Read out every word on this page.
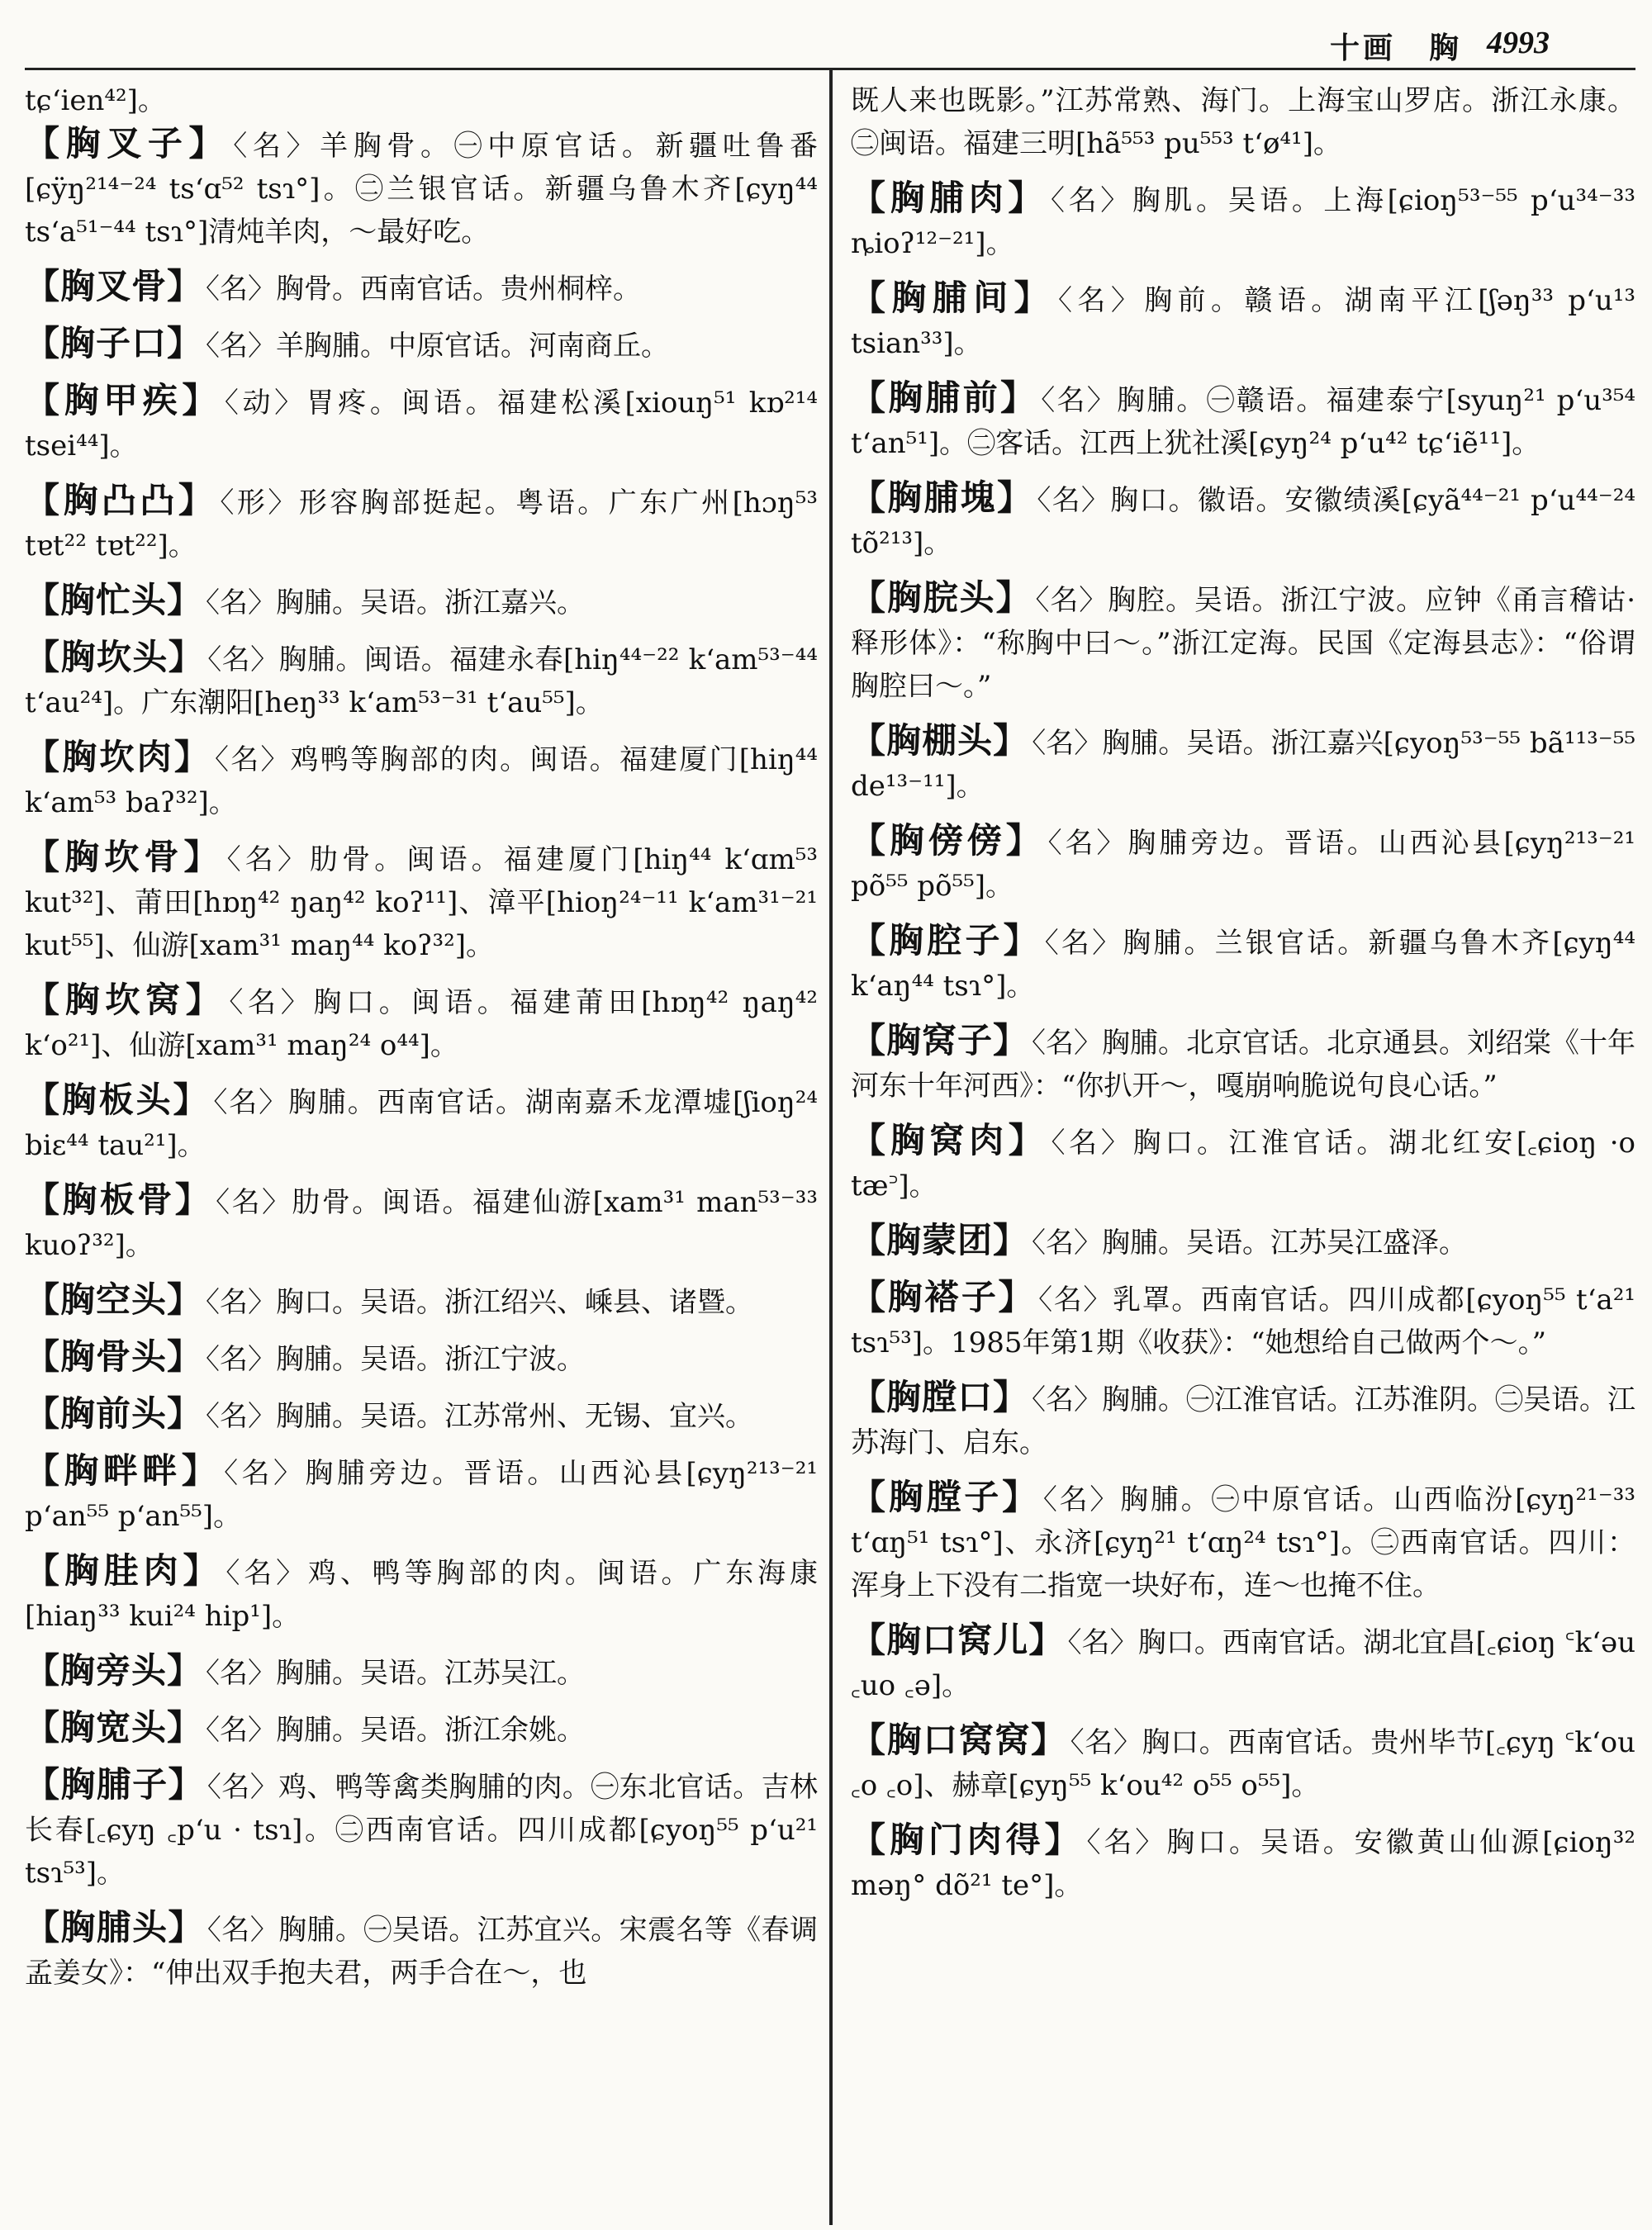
十画　胸 4993
tɕʻien⁴²]。
【胸叉子】 〈名〉羊胸骨。㊀中原官话。新疆吐鲁番[ɕÿŋ²¹⁴⁻²⁴ tsʻɑ⁵² tsɿ°]。㊁兰银官话。新疆乌鲁木齐[ɕyŋ⁴⁴ tsʻa⁵¹⁻⁴⁴ tsɿ°]清炖羊肉，～最好吃。
【胸叉骨】 〈名〉胸骨。西南官话。贵州桐梓。
【胸子口】 〈名〉羊胸脯。中原官话。河南商丘。
【胸甲疾】 〈动〉胃疼。闽语。福建松溪[xiouŋ⁵¹ kɒ²¹⁴ tsei⁴⁴]。
【胸凸凸】 〈形〉形容胸部挺起。粤语。广东广州[hɔŋ⁵³ tɐt²² tɐt²²]。
【胸忙头】 〈名〉胸脯。吴语。浙江嘉兴。
【胸坎头】 〈名〉胸脯。闽语。福建永春[hiŋ⁴⁴⁻²² kʻam⁵³⁻⁴⁴ tʻau²⁴]。广东潮阳[heŋ³³ kʻam⁵³⁻³¹ tʻau⁵⁵]。
【胸坎肉】 〈名〉鸡鸭等胸部的肉。闽语。福建厦门[hiŋ⁴⁴ kʻam⁵³ baʔ³²]。
【胸坎骨】 〈名〉肋骨。闽语。福建厦门[hiŋ⁴⁴ kʻɑm⁵³ kut³²]、莆田[hɒŋ⁴² ŋaŋ⁴² koʔ¹¹]、漳平[hioŋ²⁴⁻¹¹ kʻam³¹⁻²¹ kut⁵⁵]、仙游[xam³¹ maŋ⁴⁴ koʔ³²]。
【胸坎窝】 〈名〉胸口。闽语。福建莆田[hɒŋ⁴² ŋaŋ⁴² kʻo²¹]、仙游[xam³¹ maŋ²⁴ o⁴⁴]。
【胸板头】 〈名〉胸脯。西南官话。湖南嘉禾龙潭墟[ʃioŋ²⁴ biɛ⁴⁴ tau²¹]。
【胸板骨】 〈名〉肋骨。闽语。福建仙游[xam³¹ man⁵³⁻³³ kuoʔ³²]。
【胸空头】 〈名〉胸口。吴语。浙江绍兴、嵊县、诸暨。
【胸骨头】 〈名〉胸脯。吴语。浙江宁波。
【胸前头】 〈名〉胸脯。吴语。江苏常州、无锡、宜兴。
【胸畔畔】 〈名〉胸脯旁边。晋语。山西沁县[ɕyŋ²¹³⁻²¹ pʻan⁵⁵ pʻan⁵⁵]。
【胸胿肉】 〈名〉鸡、鸭等胸部的肉。闽语。广东海康[hiaŋ³³ kui²⁴ hip¹]。
【胸旁头】 〈名〉胸脯。吴语。江苏吴江。
【胸宽头】 〈名〉胸脯。吴语。浙江余姚。
【胸脯子】 〈名〉鸡、鸭等禽类胸脯的肉。㊀东北官话。吉林长春[꜀ɕyŋ ꜀pʻu · tsɿ]。㊁西南官话。四川成都[ɕyoŋ⁵⁵ pʻu²¹ tsɿ⁵³]。
【胸脯头】 〈名〉胸脯。㊀吴语。江苏宜兴。宋震名等《春调孟姜女》：“伸出双手抱夫君，两手合在～，也
既人来也既影。”江苏常熟、海门。上海宝山罗店。浙江永康。㊁闽语。福建三明[hã⁵⁵³ pu⁵⁵³ tʻø⁴¹]。
【胸脯肉】 〈名〉胸肌。吴语。上海[ɕioŋ⁵³⁻⁵⁵ pʻu³⁴⁻³³ ȵioʔ¹²⁻²¹]。
【胸脯间】 〈名〉胸前。赣语。湖南平江[ʃəŋ³³ pʻu¹³ tsian³³]。
【胸脯前】 〈名〉胸脯。㊀赣语。福建泰宁[syuŋ²¹ pʻu³⁵⁴ tʻan⁵¹]。㊁客话。江西上犹社溪[ɕyŋ²⁴ pʻu⁴² tɕʻiẽ¹¹]。
【胸脯塊】 〈名〉胸口。徽语。安徽绩溪[ɕyã⁴⁴⁻²¹ pʻu⁴⁴⁻²⁴ tõ²¹³]。
【胸脘头】 〈名〉胸腔。吴语。浙江宁波。应钟《甬言稽诂·释形体》：“称胸中曰～。”浙江定海。民国《定海县志》：“俗谓胸腔曰～。”
【胸棚头】 〈名〉胸脯。吴语。浙江嘉兴[ɕyoŋ⁵³⁻⁵⁵ bã¹¹³⁻⁵⁵ de¹³⁻¹¹]。
【胸傍傍】 〈名〉胸脯旁边。晋语。山西沁县[ɕyŋ²¹³⁻²¹ põ⁵⁵ põ⁵⁵]。
【胸腔子】 〈名〉胸脯。兰银官话。新疆乌鲁木齐[ɕyŋ⁴⁴ kʻaŋ⁴⁴ tsɿ°]。
【胸窝子】 〈名〉胸脯。北京官话。北京通县。刘绍棠《十年河东十年河西》：“你扒开～，嘎崩响脆说句良心话。”
【胸窝肉】 〈名〉胸口。江淮官话。湖北红安[꜀ɕioŋ ·o tæ꜄]。
【胸蒙团】 〈名〉胸脯。吴语。江苏吴江盛泽。
【胸褡子】 〈名〉乳罩。西南官话。四川成都[ɕyoŋ⁵⁵ tʻa²¹ tsɿ⁵³]。1985年第1期《收获》：“她想给自己做两个～。”
【胸膛口】 〈名〉胸脯。㊀江淮官话。江苏淮阴。㊁吴语。江苏海门、启东。
【胸膛子】 〈名〉胸脯。㊀中原官话。山西临汾[ɕyŋ²¹⁻³³ tʻɑŋ⁵¹ tsɿ°]、永济[ɕyŋ²¹ tʻɑŋ²⁴ tsɿ°]。㊁西南官话。四川：浑身上下没有二指宽一块好布，连～也掩不住。
【胸口窝儿】 〈名〉胸口。西南官话。湖北宜昌[꜀ɕioŋ ꜂kʻəu ꜀uo ꜀ə]。
【胸口窝窝】 〈名〉胸口。西南官话。贵州毕节[꜀ɕyŋ ꜂kʻou ꜀o ꜀o]、赫章[ɕyŋ⁵⁵ kʻou⁴² o⁵⁵ o⁵⁵]。
【胸门肉得】 〈名〉胸口。吴语。安徽黄山仙源[ɕioŋ³² məŋ° dõ²¹ te°]。
